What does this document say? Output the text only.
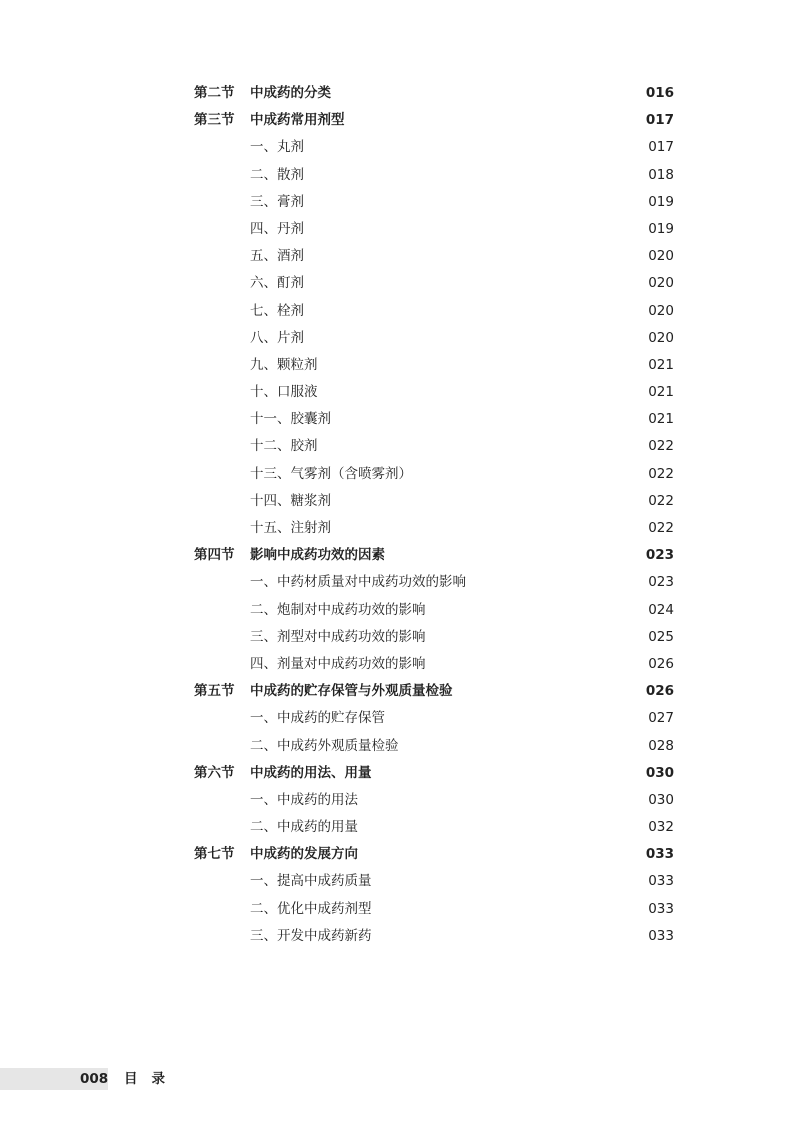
第二节 中成药的分类	016
第三节 中成药常用剂型	017
一、丸剂	017
二、散剂	018
三、膏剂	019
四、丹剂	019
五、酒剂	020
六、酊剂	020
七、栓剂	020
八、片剂	020
九、颗粒剂	021
十、口服液	021
十一、胶囊剂	021
十二、胶剂	022
十三、气雾剂（含喷雾剂）	022
十四、糖浆剂	022
十五、注射剂	022
第四节 影响中成药功效的因素	023
一、中药材质量对中成药功效的影响	023
二、炮制对中成药功效的影响	024
三、剂型对中成药功效的影响	025
四、剂量对中成药功效的影响	026
第五节 中成药的贮存保管与外观质量检验	026
一、中成药的贮存保管	027
二、中成药外观质量检验	028
第六节 中成药的用法、用量	030
一、中成药的用法	030
二、中成药的用量	032
第七节 中成药的发展方向	033
一、提高中成药质量	033
二、优化中成药剂型	033
三、开发中成药新药	033
008 目录
